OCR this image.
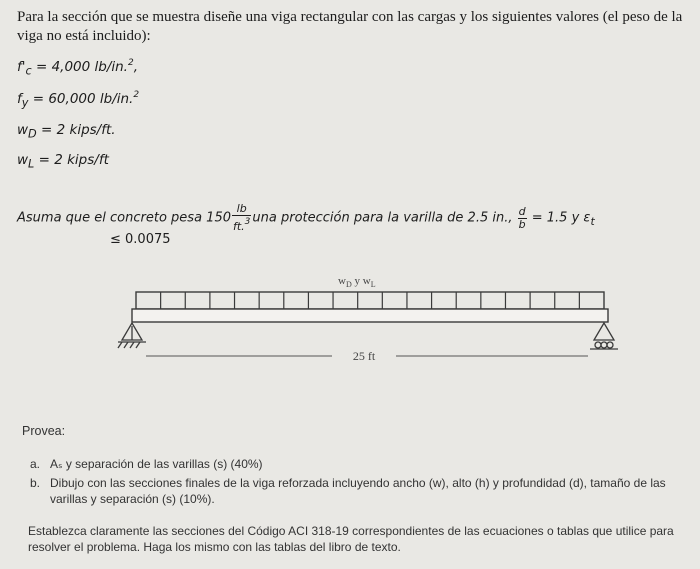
Para la sección que se muestra diseñe una viga rectangular con las cargas y los siguientes valores (el peso de la viga no está incluido):
$f'_c = 4,000$ lb/in.$^2$,
$f_y = 60,000$ lb/in.$^2$
$w_D = 2$ kips/ft.
$w_L = 2$ kips/ft
Asuma que el concreto pesa $150 \frac{lb}{ft.^3}$ una protección para la varilla de 2.5 in., $\frac{d}{b} = 1.5$ y $\varepsilon_t$
≤ 0.0075
$w_D$ y $w_L$
25 ft
Provea:
a. Aₛ y separación de las varillas (s) (40%)
b. Dibujo con las secciones finales de la viga reforzada incluyendo ancho (w), alto (h) y profundidad (d), tamaño de las varillas y separación (s) (10%).
Establezca claramente las secciones del Código ACI 318-19 correspondientes de las ecuaciones o tablas que utilice para resolver el problema. Haga los mismo con las tablas del libro de texto.
